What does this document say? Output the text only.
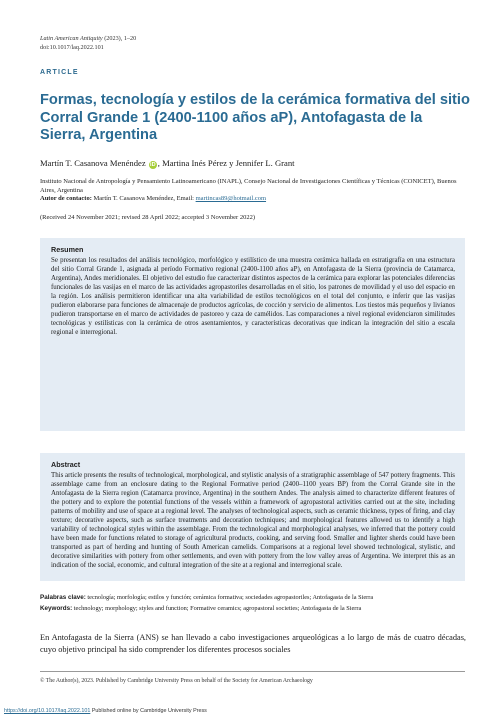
Latin American Antiquity (2023), 1–20
doi:10.1017/laq.2022.101
ARTICLE
Formas, tecnología y estilos de la cerámica formativa del sitio Corral Grande 1 (2400-1100 años aP), Antofagasta de la Sierra, Argentina
Martín T. Casanova Menéndez iD , Martina Inés Pérez y Jennifer L. Grant
Instituto Nacional de Antropología y Pensamiento Latinoamericano (INAPL), Consejo Nacional de Investigaciones Científicas y Técnicas (CONICET), Buenos Aires, Argentina
Autor de contacto: Martín T. Casanova Menéndez, Email: martincas89@hotmail.com
(Received 24 November 2021; revised 28 April 2022; accepted 3 November 2022)
Resumen
Se presentan los resultados del análisis tecnológico, morfológico y estilístico de una muestra cerámica hallada en estratigrafía en una estructura del sitio Corral Grande 1, asignada al período Formativo regional (2400-1100 años aP), en Antofagasta de la Sierra (provincia de Catamarca, Argentina), Andes meridionales. El objetivo del estudio fue caracterizar distintos aspectos de la cerámica para explorar las potenciales diferencias funcionales de las vasijas en el marco de las actividades agropastoriles desarrolladas en el sitio, los patrones de movilidad y el uso del espacio en la región. Los análisis permitieron identificar una alta variabilidad de estilos tecnológicos en el total del conjunto, e inferir que las vasijas pudieron elaborarse para funciones de almacenaje de productos agrícolas, de cocción y servicio de alimentos. Los tiestos más pequeños y livianos pudieron transportarse en el marco de actividades de pastoreo y caza de camélidos. Las comparaciones a nivel regional evidenciaron similitudes tecnológicas y estilísticas con la cerámica de otros asentamientos, y características decorativas que indican la integración del sitio a escala regional e interregional.
Abstract
This article presents the results of technological, morphological, and stylistic analysis of a stratigraphic assemblage of 547 pottery fragments. This assemblage came from an enclosure dating to the Regional Formative period (2400–1100 years BP) from the Corral Grande site in the Antofagasta de la Sierra region (Catamarca province, Argentina) in the southern Andes. The analysis aimed to characterize different features of the pottery and to explore the potential functions of the vessels within a framework of agropastoral activities carried out at the site, including patterns of mobility and use of space at a regional level. The analyses of technological aspects, such as ceramic thickness, types of firing, and clay texture; decorative aspects, such as surface treatments and decoration techniques; and morphological features allowed us to identify a high variability of technological styles within the assemblage. From the technological and morphological analyses, we inferred that the pottery could have been made for functions related to storage of agricultural products, cooking, and serving food. Smaller and lighter sherds could have been transported as part of herding and hunting of South American camelids. Comparisons at a regional level showed technological, stylistic, and decorative similarities with pottery from other settlements, and even with pottery from the low valley areas of Argentina. We interpret this as an indication of the social, economic, and cultural integration of the site at a regional and interregional scale.
Palabras clave: tecnología; morfología; estilos y función; cerámica formativa; sociedades agropastoriles; Antofagasta de la Sierra
Keywords: technology; morphology; styles and function; Formative ceramics; agropastoral societies; Antofagasta de la Sierra

En Antofagasta de la Sierra (ANS) se han llevado a cabo investigaciones arqueológicas a lo largo de más de cuatro décadas, cuyo objetivo principal ha sido comprender los diferentes procesos sociales

© The Author(s), 2023. Published by Cambridge University Press on behalf of the Society for American Archaeology
https://doi.org/10.1017/laq.2022.101 Published online by Cambridge University Press
